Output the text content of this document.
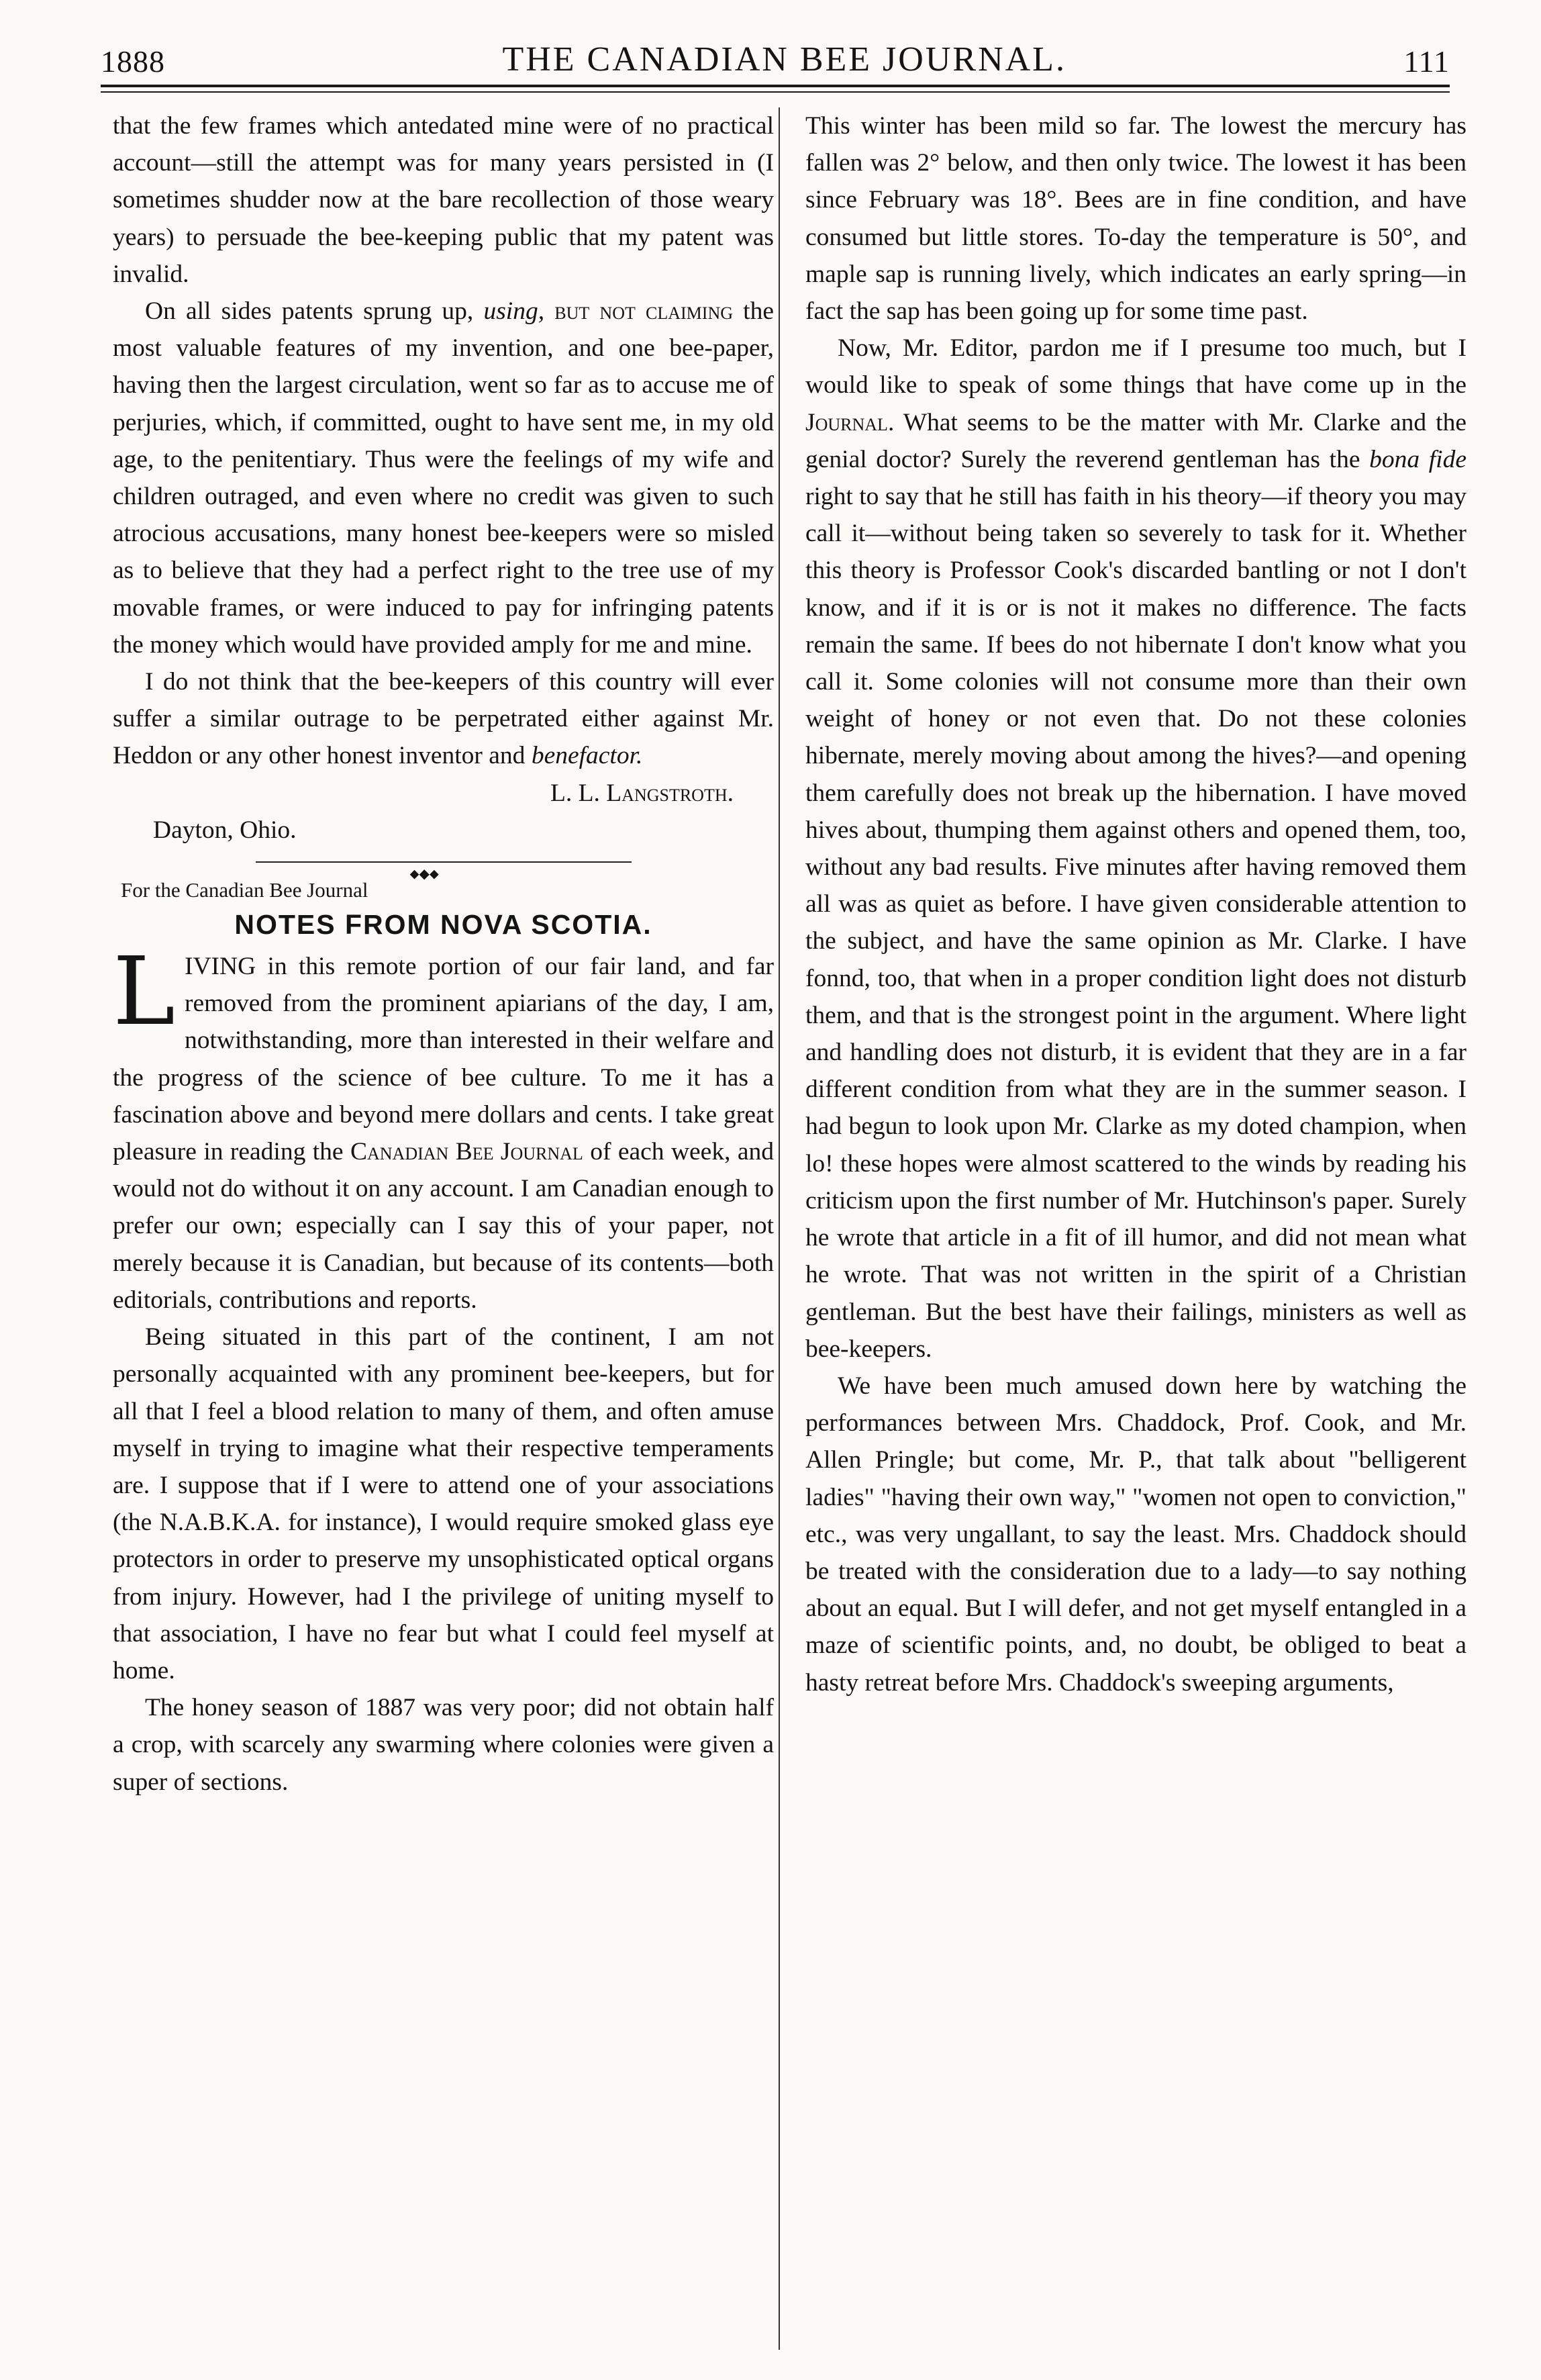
1888	THE CANADIAN BEE JOURNAL.	111

that the few frames which antedated mine were of no practical account—still the attempt was for many years persisted in (I sometimes shudder now at the bare recollection of those weary years) to persuade the bee-keeping public that my patent was invalid.

On all sides patents sprung up, using, but not claiming the most valuable features of my invention, and one bee-paper, having then the largest circulation, went so far as to accuse me of perjuries, which, if committed, ought to have sent me, in my old age, to the penitentiary. Thus were the feelings of my wife and children outraged, and even where no credit was given to such atrocious accusations, many honest bee-keepers were so misled as to believe that they had a perfect right to the tree use of my movable frames, or were induced to pay for infringing patents the money which would have provided amply for me and mine.

I do not think that the bee-keepers of this country will ever suffer a similar outrage to be perpetrated either against Mr. Heddon or any other honest inventor and benefactor.

L. L. Langstroth.
Dayton, Ohio.
⬥◆⬥
For the Canadian Bee Journal
NOTES FROM NOVA SCOTIA.

LIVING in this remote portion of our fair land, and far removed from the prominent apiarians of the day, I am, notwithstanding, more than interested in their welfare and the progress of the science of bee culture. To me it has a fascination above and beyond mere dollars and cents. I take great pleasure in reading the Canadian Bee Journal of each week, and would not do without it on any account. I am Canadian enough to prefer our own; especially can I say this of your paper, not merely because it is Canadian, but because of its contents—both editorials, contributions and reports.

Being situated in this part of the continent, I am not personally acquainted with any prominent bee-keepers, but for all that I feel a blood relation to many of them, and often amuse myself in trying to imagine what their respective temperaments are. I suppose that if I were to attend one of your associations (the N.A.B.K.A. for instance), I would require smoked glass eye protectors in order to preserve my unsophisticated optical organs from injury. However, had I the privilege of uniting myself to that association, I have no fear but what I could feel myself at home.

The honey season of 1887 was very poor; did not obtain half a crop, with scarcely any swarming where colonies were given a super of sections.

This winter has been mild so far. The lowest the mercury has fallen was 2° below, and then only twice. The lowest it has been since February was 18°. Bees are in fine condition, and have consumed but little stores. To-day the temperature is 50°, and maple sap is running lively, which indicates an early spring—in fact the sap has been going up for some time past.

Now, Mr. Editor, pardon me if I presume too much, but I would like to speak of some things that have come up in the Journal. What seems to be the matter with Mr. Clarke and the genial doctor? Surely the reverend gentleman has the bona fide right to say that he still has faith in his theory—if theory you may call it—without being taken so severely to task for it. Whether this theory is Professor Cook's discarded bantling or not I don't know, and if it is or is not it makes no difference. The facts remain the same. If bees do not hibernate I don't know what you call it. Some colonies will not consume more than their own weight of honey or not even that. Do not these colonies hibernate, merely moving about among the hives?—and opening them carefully does not break up the hibernation. I have moved hives about, thumping them against others and opened them, too, without any bad results. Five minutes after having removed them all was as quiet as before. I have given considerable attention to the subject, and have the same opinion as Mr. Clarke. I have fonnd, too, that when in a proper condition light does not disturb them, and that is the strongest point in the argument. Where light and handling does not disturb, it is evident that they are in a far different condition from what they are in the summer season. I had begun to look upon Mr. Clarke as my doted champion, when lo! these hopes were almost scattered to the winds by reading his criticism upon the first number of Mr. Hutchinson's paper. Surely he wrote that article in a fit of ill humor, and did not mean what he wrote. That was not written in the spirit of a Christian gentleman. But the best have their failings, ministers as well as bee-keepers.

We have been much amused down here by watching the performances between Mrs. Chaddock, Prof. Cook, and Mr. Allen Pringle; but come, Mr. P., that talk about "belligerent ladies" "having their own way," "women not open to conviction," etc., was very ungallant, to say the least. Mrs. Chaddock should be treated with the consideration due to a lady—to say nothing about an equal. But I will defer, and not get myself entangled in a maze of scientific points, and, no doubt, be obliged to beat a hasty retreat before Mrs. Chaddock's sweeping arguments,
